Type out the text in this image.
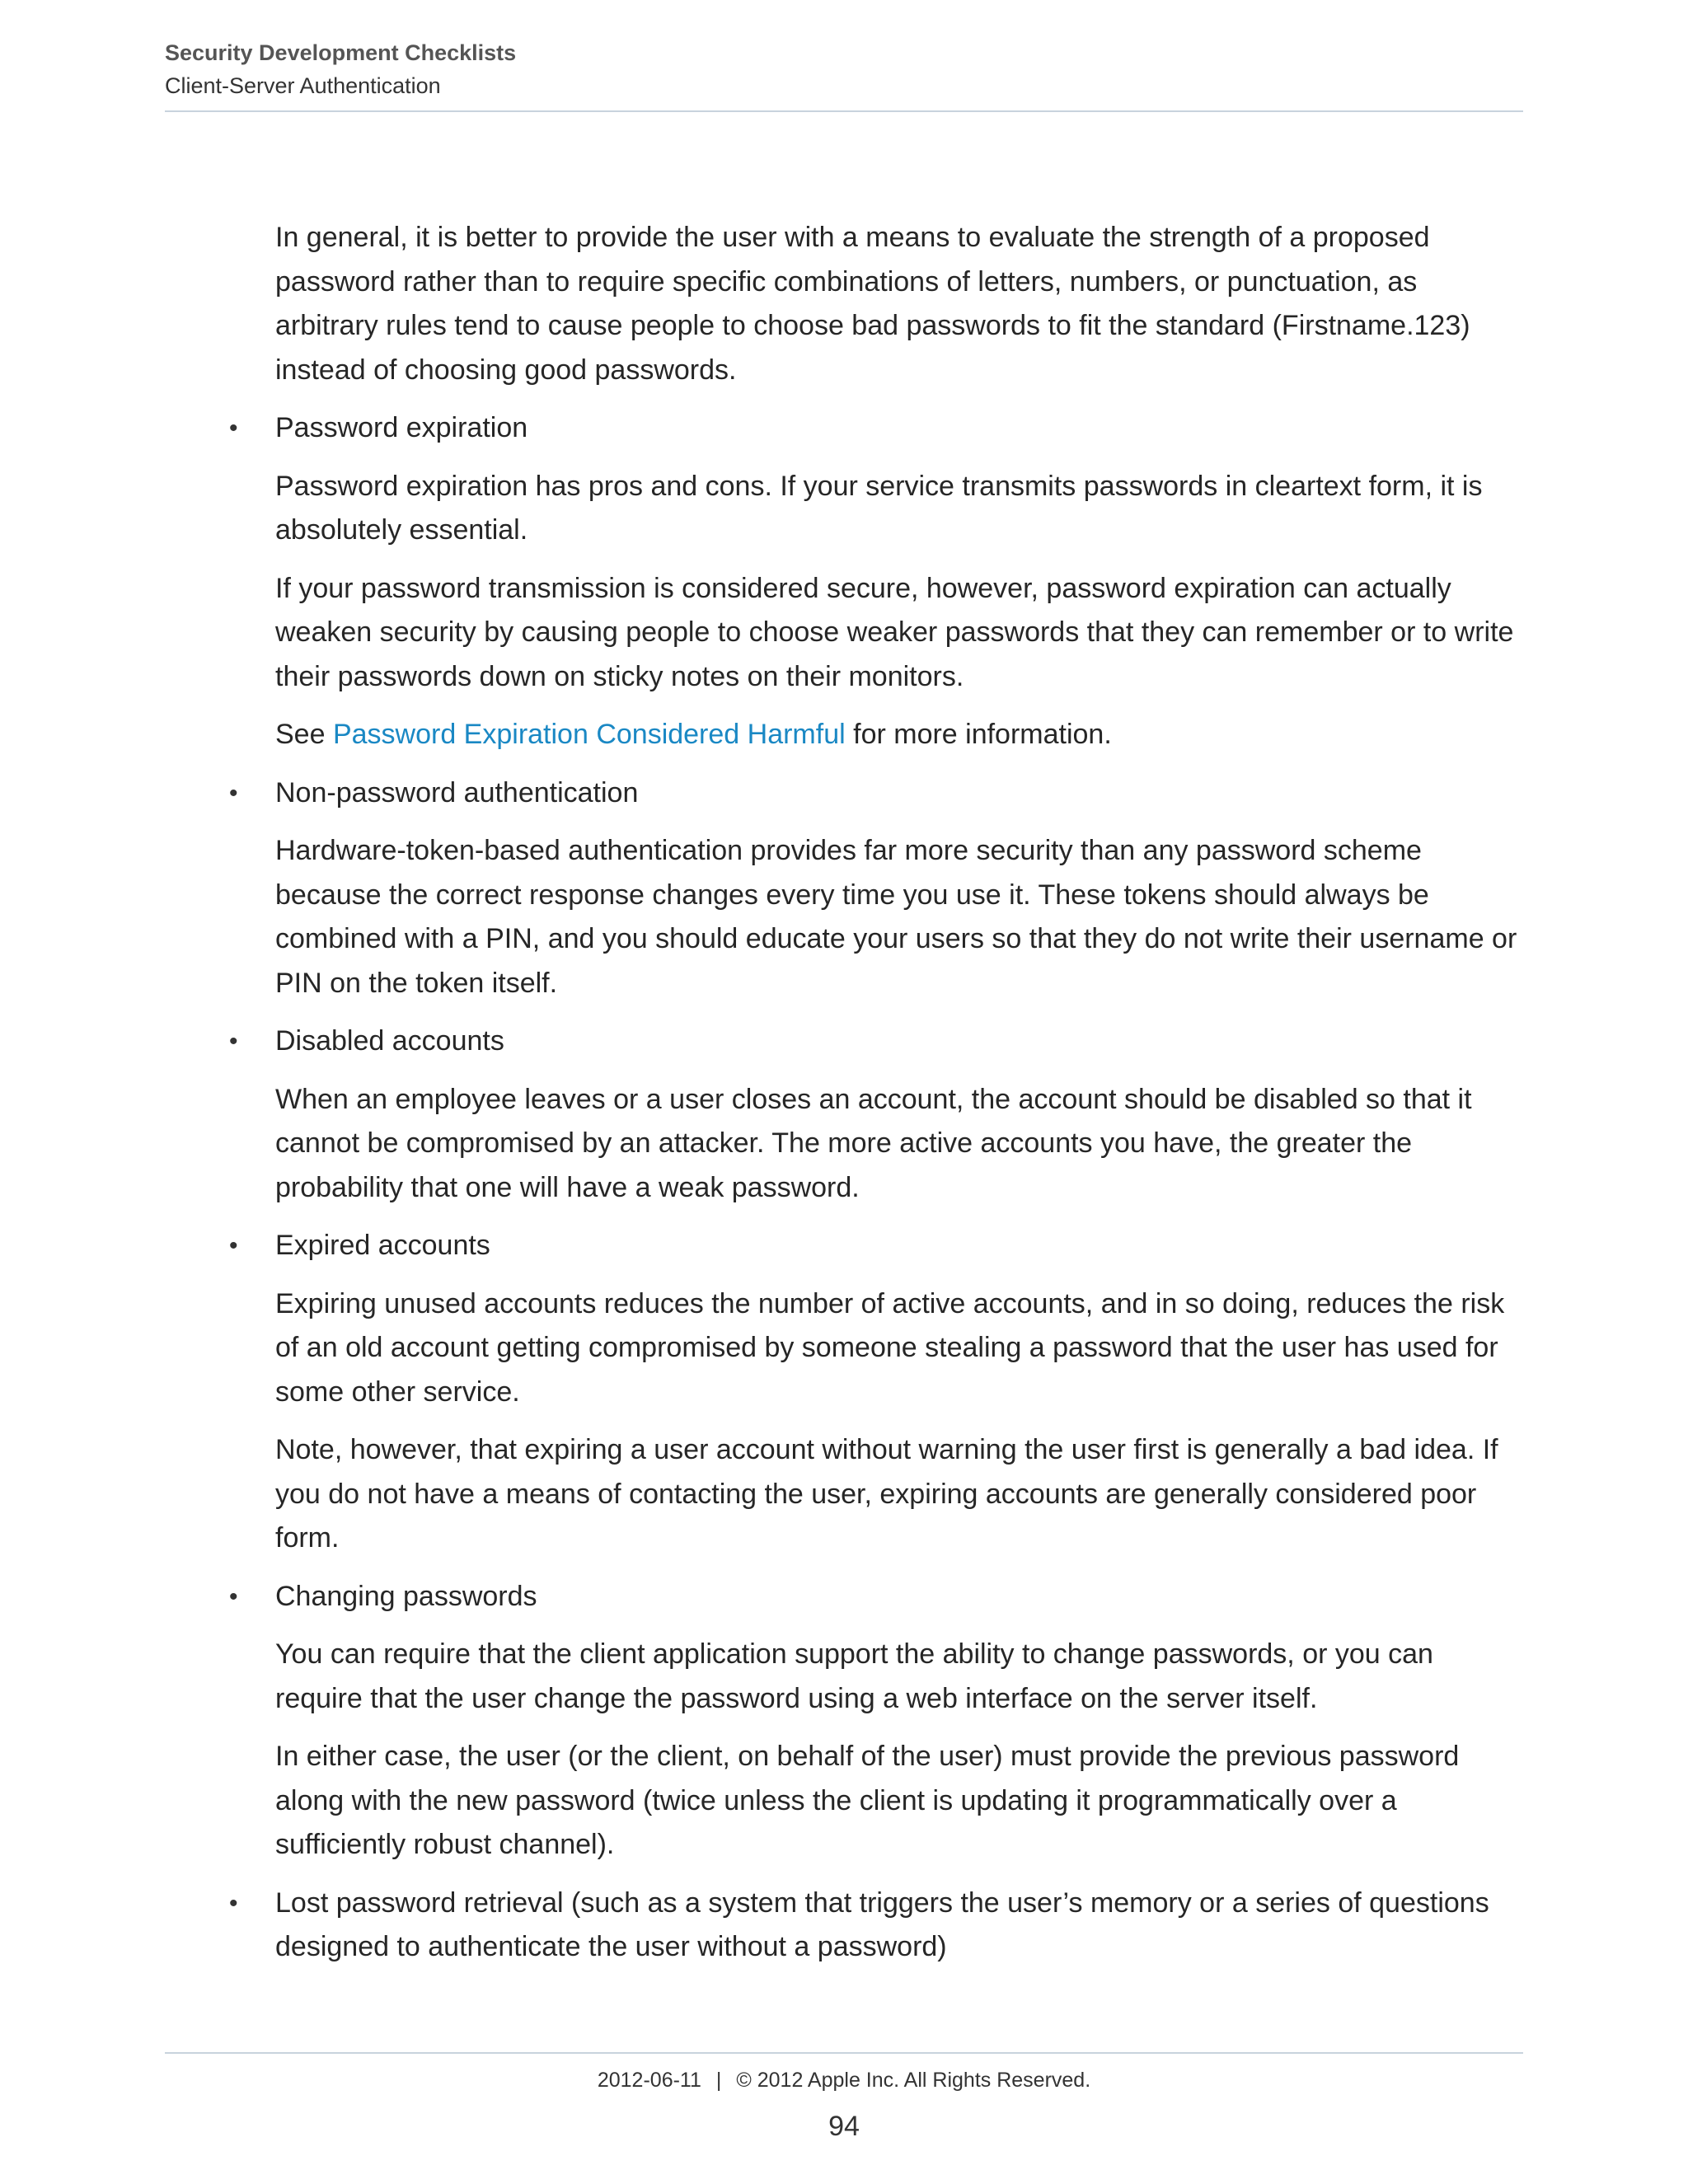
Security Development Checklists
Client-Server Authentication

In general, it is better to provide the user with a means to evaluate the strength of a proposed password rather than to require specific combinations of letters, numbers, or punctuation, as arbitrary rules tend to cause people to choose bad passwords to fit the standard (Firstname.123) instead of choosing good passwords.

• Password expiration

Password expiration has pros and cons. If your service transmits passwords in cleartext form, it is absolutely essential.

If your password transmission is considered secure, however, password expiration can actually weaken security by causing people to choose weaker passwords that they can remember or to write their passwords down on sticky notes on their monitors.

See Password Expiration Considered Harmful for more information.

• Non-password authentication

Hardware-token-based authentication provides far more security than any password scheme because the correct response changes every time you use it. These tokens should always be combined with a PIN, and you should educate your users so that they do not write their username or PIN on the token itself.

• Disabled accounts

When an employee leaves or a user closes an account, the account should be disabled so that it cannot be compromised by an attacker. The more active accounts you have, the greater the probability that one will have a weak password.

• Expired accounts

Expiring unused accounts reduces the number of active accounts, and in so doing, reduces the risk of an old account getting compromised by someone stealing a password that the user has used for some other service.

Note, however, that expiring a user account without warning the user first is generally a bad idea. If you do not have a means of contacting the user, expiring accounts are generally considered poor form.

• Changing passwords

You can require that the client application support the ability to change passwords, or you can require that the user change the password using a web interface on the server itself.

In either case, the user (or the client, on behalf of the user) must provide the previous password along with the new password (twice unless the client is updating it programmatically over a sufficiently robust channel).

• Lost password retrieval (such as a system that triggers the user’s memory or a series of questions designed to authenticate the user without a password)

2012-06-11 | © 2012 Apple Inc. All Rights Reserved.
94
